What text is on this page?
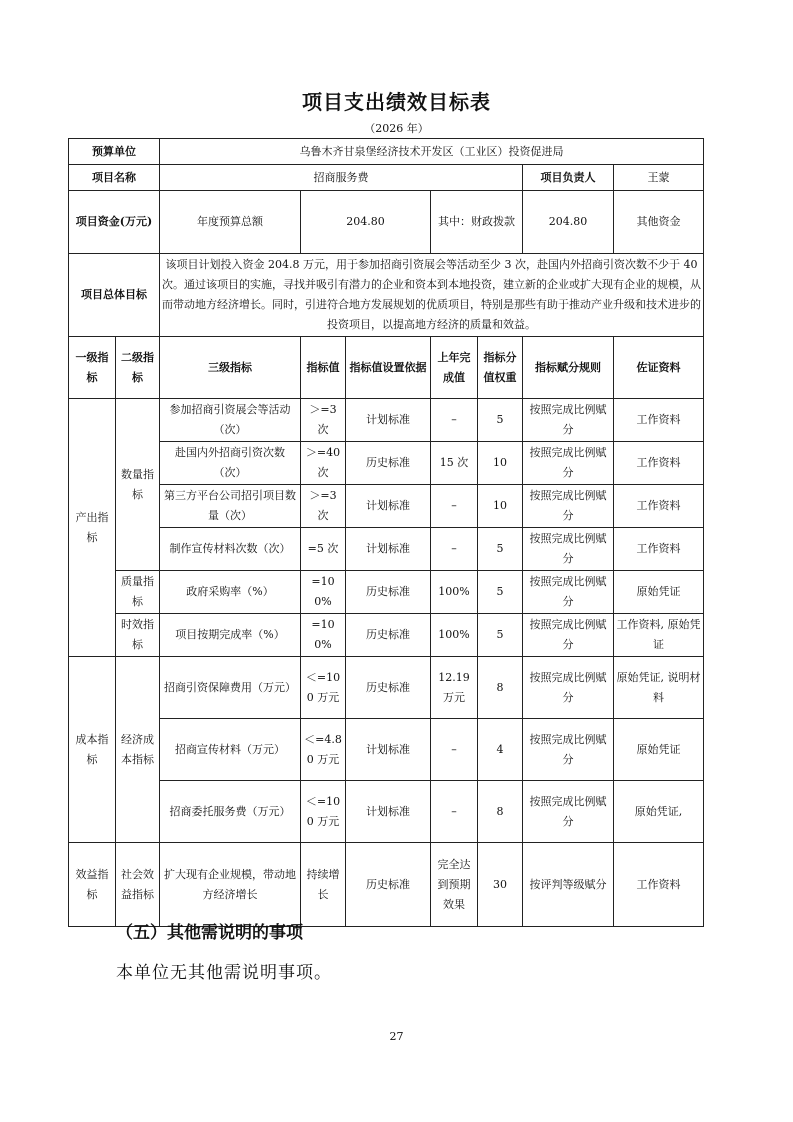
项目支出绩效目标表
（2026 年）
预算单位		乌鲁木齐甘泉堡经济技术开发区（工业区）投资促进局							
项目名称		招商服务费					项目负责人	王蒙	
项目资金(万元)		年度预算总额	204.80		其中：财政拨款		204.80	其他资金	
项目总体目标		该项目计划投入资金 204.8 万元，用于参加招商引资展会等活动至少 3 次，赴国内外招商引资次数不少于 40 次。通过该项目的实施，寻找并吸引有潜力的企业和资本到本地投资，建立新的企业或扩大现有企业的规模，从而带动地方经济增长。同时，引进符合地方发展规划的优质项目，特别是那些有助于推动产业升级和技术进步的投资项目，以提高地方经济的质量和效益。							
一级指标	二级指标	三级指标	指标值	指标值设置依据	上年完成值	指标分值权重	指标赋分规则	佐证资料	
产出指标	数量指标	参加招商引资展会等活动（次）	＞=3 次	计划标准	–	5	按照完成比例赋分	工作资料	
		赴国内外招商引资次数（次）	＞=40 次	历史标准	15 次	10	按照完成比例赋分	工作资料	
		第三方平台公司招引项目数量（次）	＞=3 次	计划标准	–	10	按照完成比例赋分	工作资料	
		制作宣传材料次数（次）	=5 次	计划标准	–	5	按照完成比例赋分	工作资料	
	质量指标	政府采购率（%）	=100%	历史标准	100%	5	按照完成比例赋分	原始凭证	
	时效指标	项目按期完成率（%）	=100%	历史标准	100%	5	按照完成比例赋分	工作资料, 原始凭证	
成本指标	经济成本指标	招商引资保障费用（万元）	＜=100 万元	历史标准	12.19 万元	8	按照完成比例赋分	原始凭证, 说明材料	
		招商宣传材料（万元）	＜=4.80 万元	计划标准	–	4	按照完成比例赋分	原始凭证	
		招商委托服务费（万元）	＜=100 万元	计划标准	–	8	按照完成比例赋分	原始凭证,	
效益指标	社会效益指标	扩大现有企业规模，带动地方经济增长	持续增长	历史标准	完全达到预期效果	30	按评判等级赋分	工作资料	
（五）其他需说明的事项
本单位无其他需说明事项。
27
